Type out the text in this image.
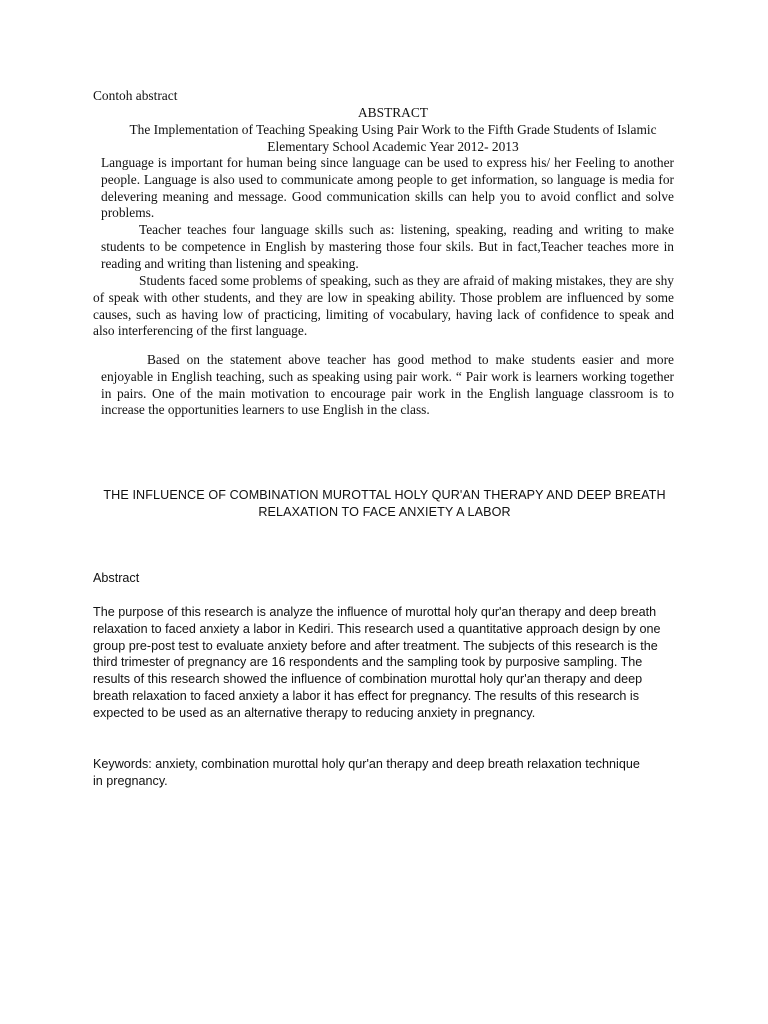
Contoh abstract
ABSTRACT
The Implementation of Teaching Speaking Using Pair Work to the Fifth Grade Students of Islamic Elementary School Academic Year 2012- 2013

Language is important for human being since language can be used to express his/ her Feeling to another people. Language is also used to communicate among people to get information, so language is media for delevering meaning and message. Good communication skills can help you to avoid conflict and solve problems.

Teacher teaches four language skills such as: listening, speaking, reading and writing to make students to be competence in English by mastering those four skils. But in fact,Teacher teaches more in reading and writing than listening and speaking.

Students faced some problems of speaking, such as they are afraid of making mistakes, they are shy of speak with other students, and they are low in speaking ability. Those problem are influenced by some causes, such as having low of practicing, limiting of vocabulary, having lack of confidence to speak and also interferencing of the first language.

Based on the statement above teacher has good method to make students easier and more enjoyable in English teaching, such as speaking using pair work. “ Pair work is learners working together in pairs. One of the main motivation to encourage pair work in the English language classroom is to increase the opportunities learners to use English in the class.

THE INFLUENCE OF COMBINATION MUROTTAL HOLY QUR'AN THERAPY AND DEEP BREATH RELAXATION TO FACE ANXIETY A LABOR
Abstract

The purpose of this research is analyze the influence of murottal holy qur'an therapy and deep breath relaxation to faced anxiety a labor in Kediri. This research used a quantitative approach design by one group pre-post test to evaluate anxiety before and after treatment. The subjects of this research is the third trimester of pregnancy are 16 respondents and the sampling took by purposive sampling. The results of this research showed the influence of combination murottal holy qur'an therapy and deep breath relaxation to faced anxiety a labor it has effect for pregnancy. The results of this research is expected to be used as an alternative therapy to reducing anxiety in pregnancy.

Keywords: anxiety, combination murottal holy qur'an therapy and deep breath relaxation technique in pregnancy.
